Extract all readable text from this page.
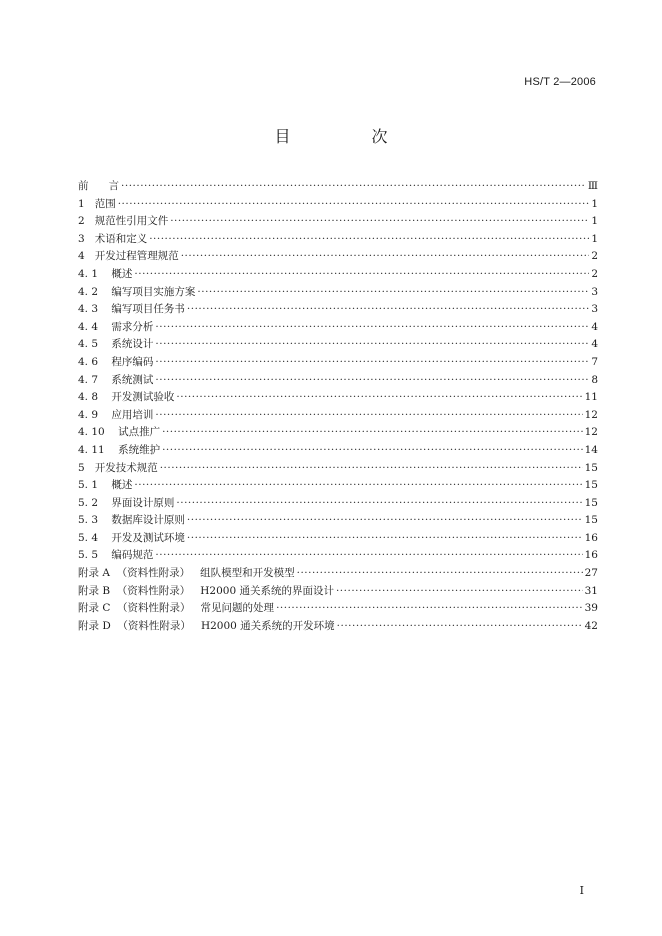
HS/T 2—2006
目 次
前      言 ·····	Ⅲ
1   范围 ·····	1
2   规范性引用文件 ·····	1
3   术语和定义 ·····	1
4   开发过程管理规范 ·····	2
4. 1    概述 ·····	2
4. 2    编写项目实施方案 ·····	3
4. 3    编写项目任务书 ·····	3
4. 4    需求分析 ·····	4
4. 5    系统设计 ·····	4
4. 6    程序编码 ·····	7
4. 7    系统测试 ·····	8
4. 8    开发测试验收 ·····	11
4. 9    应用培训 ·····	12
4. 10    试点推广 ·····	12
4. 11    系统维护 ·····	14
5   开发技术规范 ·····	15
5. 1    概述 ·····	15
5. 2    界面设计原则 ·····	15
5. 3    数据库设计原则 ·····	15
5. 4    开发及测试环境 ·····	16
5. 5    编码规范 ·····	16
附录 A  （资料性附录）   组队模型和开发模型 ·····	27
附录 B  （资料性附录）   H2000 通关系统的界面设计 ·····	31
附录 C  （资料性附录）   常见问题的处理 ·····	39
附录 D  （资料性附录）   H2000 通关系统的开发环境 ·····	42
I
